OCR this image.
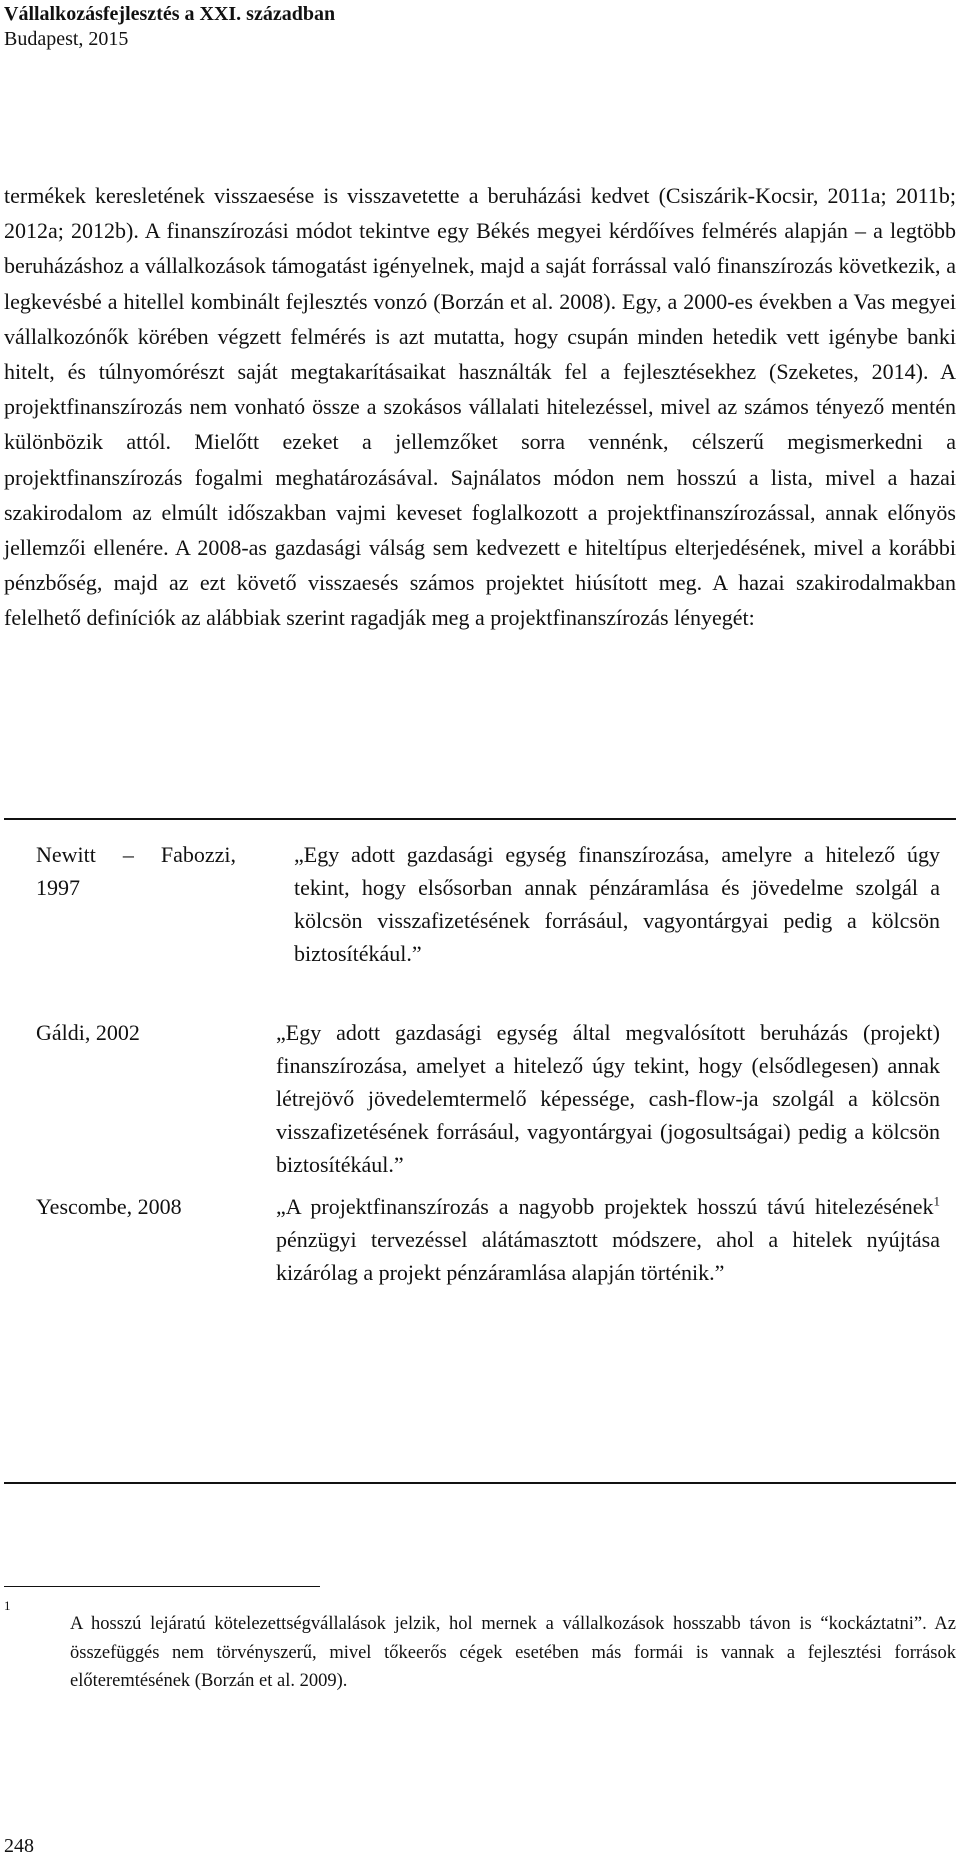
Vállalkozásfejlesztés a XXI. században
Budapest, 2015

termékek keresletének visszaesése is visszavetette a beruházási kedvet (Csiszárik-Kocsir, 2011a; 2011b; 2012a; 2012b). A finanszírozási módot tekintve egy Békés megyei kérdőíves felmérés alapján – a legtöbb beruházáshoz a vállalkozások támogatást igényelnek, majd a saját forrással való finanszírozás következik, a legkevésbé a hitellel kombinált fejlesztés vonzó (Borzán et al. 2008). Egy, a 2000-es években a Vas megyei vállalkozónők körében végzett felmérés is azt mutatta, hogy csupán minden hetedik vett igénybe banki hitelt, és túlnyomórészt saját megtakarításaikat használták fel a fejlesztésekhez (Szeketes, 2014). A projektfinanszírozás nem vonható össze a szokásos vállalati hitelezéssel, mivel az számos tényező mentén különbözik attól. Mielőtt ezeket a jellemzőket sorra vennénk, célszerű megismerkedni a projektfinanszírozás fogalmi meghatározásával. Sajnálatos módon nem hosszú a lista, mivel a hazai szakirodalom az elmúlt időszakban vajmi keveset foglalkozott a projektfinanszírozással, annak előnyös jellemzői ellenére. A 2008-as gazdasági válság sem kedvezett e hiteltípus elterjedésének, mivel a korábbi pénzbőség, majd az ezt követő visszaesés számos projektet hiúsított meg. A hazai szakirodalmakban felelhető definíciók az alábbiak szerint ragadják meg a projektfinanszírozás lényegét:

Newitt – Fabozzi, 1997
„Egy adott gazdasági egység finanszírozása, amelyre a hitelező úgy tekint, hogy elsősorban annak pénzáramlása és jövedelme szolgál a kölcsön visszafizetésének forrásául, vagyontárgyai pedig a kölcsön biztosítékául.”
Gáldi, 2002	„Egy adott gazdasági egység által megvalósított beruházás (projekt) finanszírozása, amelyet a hitelező úgy tekint, hogy (elsődlegesen) annak létrejövő jövedelemtermelő képessége, cash-flow-ja szolgál a kölcsön visszafizetésének forrásául, vagyontárgyai (jogosultságai) pedig a kölcsön biztosítékául.”
Yescombe, 2008	„A projektfinanszírozás a nagyobb projektek hosszú távú hitelezésének$^1$ pénzügyi tervezéssel alátámasztott módszere, ahol a hitelek nyújtása kizárólag a projekt pénzáramlása alapján történik.”
1

A hosszú lejáratú kötelezettségvállalások jelzik, hol mernek a vállalkozások hosszabb távon is “kockáztatni”. Az összefüggés nem törvényszerű, mivel tőkeerős cégek esetében más formái is vannak a fejlesztési források előteremtésének (Borzán et al. 2009).

248
